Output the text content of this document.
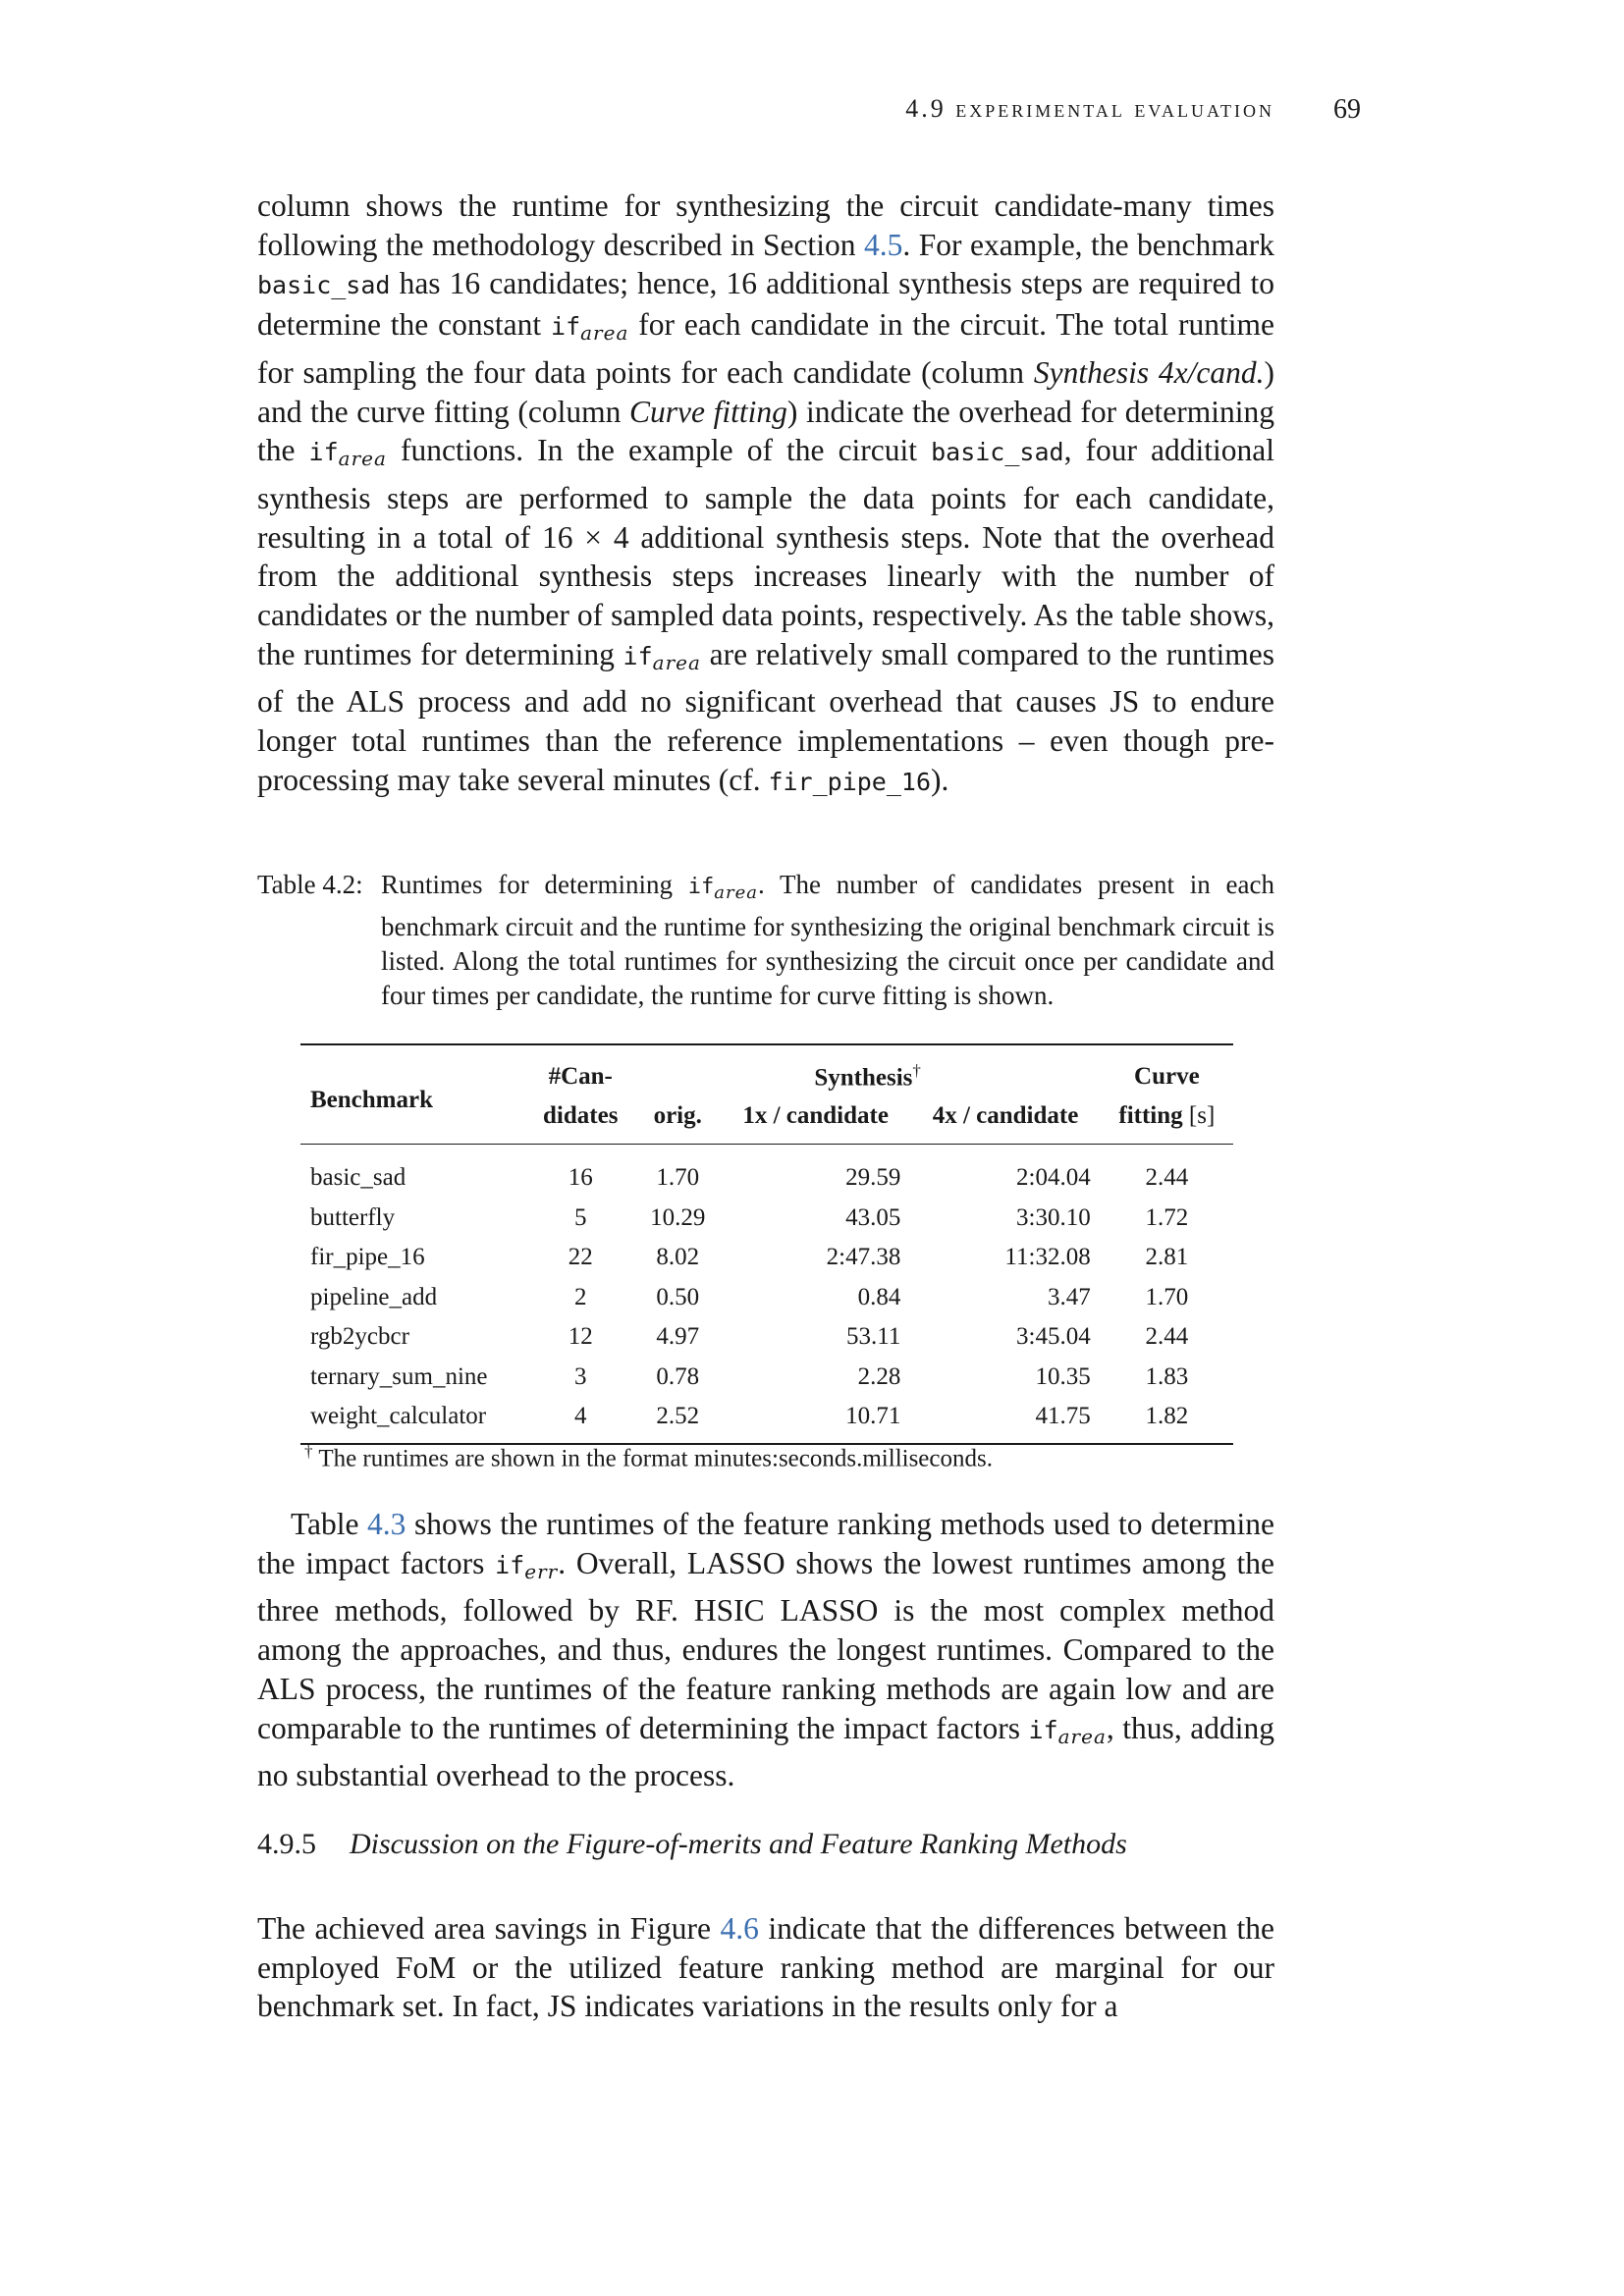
4.9 experimental evaluation 69

column shows the runtime for synthesizing the circuit candidate-many times following the methodology described in Section 4.5. For example, the benchmark basic_sad has 16 candidates; hence, 16 additional synthesis steps are required to determine the constant $if_{area}$ for each candidate in the circuit. The total runtime for sampling the four data points for each candidate (column Synthesis 4x/cand.) and the curve fitting (column Curve fitting) indicate the overhead for determining the $if_{area}$ functions. In the example of the circuit basic_sad, four additional synthesis steps are performed to sample the data points for each candidate, resulting in a total of 16 × 4 additional synthesis steps. Note that the overhead from the additional synthesis steps increases linearly with the number of candidates or the number of sampled data points, respectively. As the table shows, the runtimes for determining $if_{area}$ are relatively small compared to the runtimes of the ALS process and add no significant overhead that causes JS to endure longer total runtimes than the reference implementations – even though pre-processing may take several minutes (cf. fir_pipe_16).

Table 4.2: Runtimes for determining $if_{area}$. The number of candidates present in each benchmark circuit and the runtime for synthesizing the original benchmark circuit is listed. Along the total runtimes for synthesizing the circuit once per candidate and four times per candidate, the runtime for curve fitting is shown.
Benchmark	#Can-	Synthesis†			Curve
	didates	orig.	1x / candidate	4x / candidate	fitting [s]
basic_sad	16	1.70	29.59	2:04.04	2.44
butterfly	5	10.29	43.05	3:30.10	1.72
fir_pipe_16	22	8.02	2:47.38	11:32.08	2.81
pipeline_add	2	0.50	0.84	3.47	1.70
rgb2ycbcr	12	4.97	53.11	3:45.04	2.44
ternary_sum_nine	3	0.78	2.28	10.35	1.83
weight_calculator	4	2.52	10.71	41.75	1.82
† The runtimes are shown in the format minutes:seconds.milliseconds.

Table 4.3 shows the runtimes of the feature ranking methods used to determine the impact factors $if_{err}$. Overall, LASSO shows the lowest runtimes among the three methods, followed by RF. HSIC LASSO is the most complex method among the approaches, and thus, endures the longest runtimes. Compared to the ALS process, the runtimes of the feature ranking methods are again low and are comparable to the runtimes of determining the impact factors $if_{area}$, thus, adding no substantial overhead to the process.

4.9.5 Discussion on the Figure-of-merits and Feature Ranking Methods

The achieved area savings in Figure 4.6 indicate that the differences between the employed FoM or the utilized feature ranking method are marginal for our benchmark set. In fact, JS indicates variations in the results only for a
